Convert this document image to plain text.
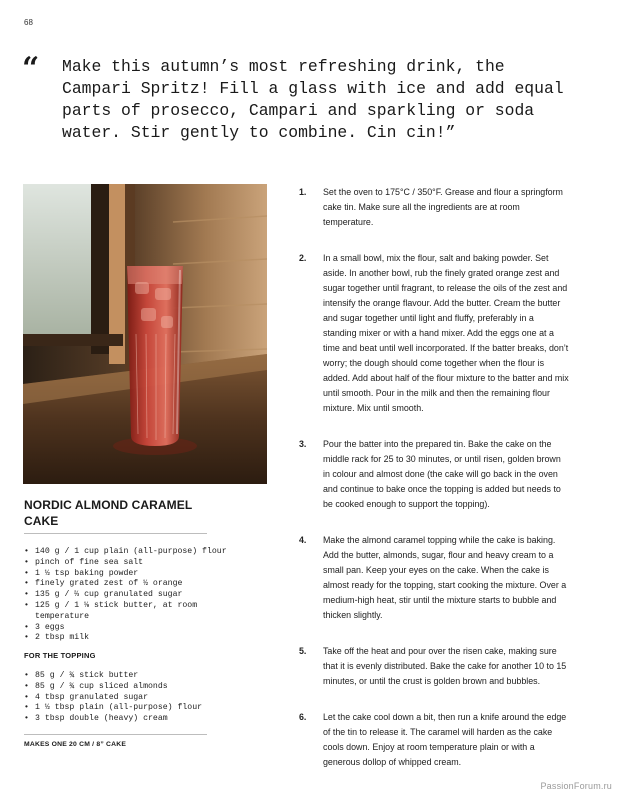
68
“ Make this autumn’s most refreshing drink, the Campari Spritz! Fill a glass with ice and add equal parts of prosecco, Campari and sparkling or soda water. Stir gently to combine. Cin cin!”
NORDIC ALMOND CARAMEL CAKE
• 140 g / 1 cup plain (all-purpose) flour
• pinch of fine sea salt
• 1 ½ tsp baking powder
• finely grated zest of ½ orange
• 135 g / ⅔ cup granulated sugar
• 125 g / 1 ⅛ stick butter, at room temperature
• 3 eggs
• 2 tbsp milk
FOR THE TOPPING
• 85 g / ¾ stick butter
• 85 g / ¾ cup sliced almonds
• 4 tbsp granulated sugar
• 1 ½ tbsp plain (all-purpose) flour
• 3 tbsp double (heavy) cream
MAKES ONE 20 CM / 8” CAKE
1.	Set the oven to 175°C / 350°F. Grease and flour a springform cake tin. Make sure all the ingredients are at room temperature.
2.	In a small bowl, mix the flour, salt and baking powder. Set aside. In another bowl, rub the finely grated orange zest and sugar together until fragrant, to release the oils of the zest and intensify the orange flavour. Add the butter. Cream the butter and sugar together until light and fluffy, preferably in a standing mixer or with a hand mixer. Add the eggs one at a time and beat until well incorporated. If the batter breaks, don’t worry; the dough should come together when the flour is added. Add about half of the flour mixture to the batter and mix until smooth. Pour in the milk and then the remaining flour mixture. Mix until smooth.
3.	Pour the batter into the prepared tin. Bake the cake on the middle rack for 25 to 30 minutes, or until risen, golden brown in colour and almost done (the cake will go back in the oven and continue to bake once the topping is added but needs to be cooked enough to support the topping).
4.	Make the almond caramel topping while the cake is baking. Add the butter, almonds, sugar, flour and heavy cream to a small pan. Keep your eyes on the cake. When the cake is almost ready for the topping, start cooking the mixture. Over a medium-high heat, stir until the mixture starts to bubble and thicken slightly.
5.	Take off the heat and pour over the risen cake, making sure that it is evenly distributed. Bake the cake for another 10 to 15 minutes, or until the crust is golden brown and bubbles.
6.	Let the cake cool down a bit, then run a knife around the edge of the tin to release it. The caramel will harden as the cake cools down. Enjoy at room temperature plain or with a generous dollop of whipped cream.
PassionForum.ru
